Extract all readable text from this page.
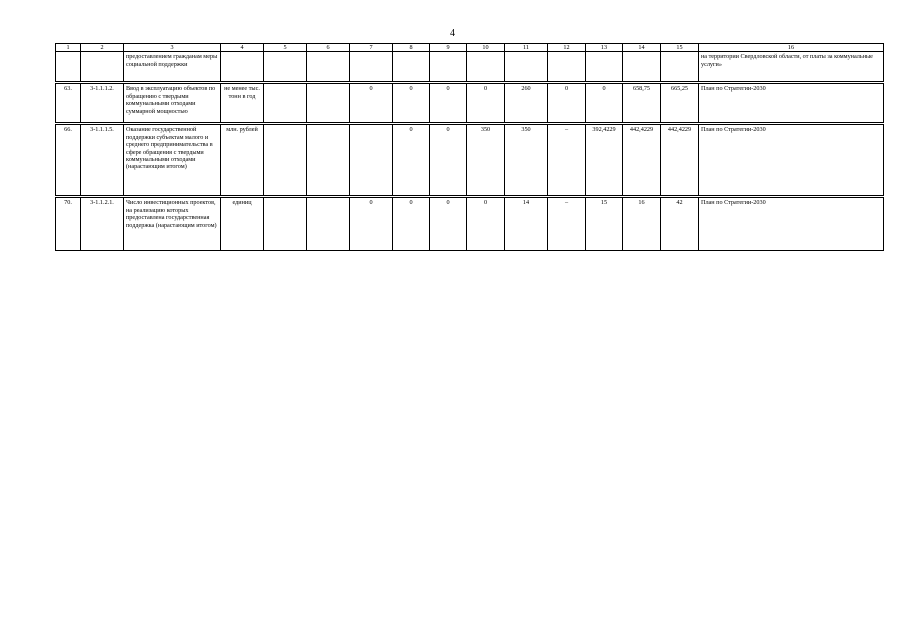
4
1	2	3	4	5	6	7	8	9	10	11	12	13	14	15	16
		предоставлением гражданам меры социальной поддержки													на территории Свердловской области, от платы за коммунальные услуги»

63.	3-1.1.1.2.	Ввод в эксплуатацию объектов по обращению с твердыми коммунальными отходами суммарной мощностью	не менее тыс. тонн в год			0	0	0	0	260	0	0	658,75	665,25	План по Стратегии-2030

66.	3-1.1.1.5.	Оказание государственной поддержки субъектам малого и среднего предпринимательства в сфере обращения с твердыми коммунальными отходами (нарастающим итогом)	млн. рублей				0	0	350	350	–	392,4229	442,4229	442,4229	План по Стратегии-2030

70.	3-1.1.2.1.	Число инвестиционных проектов, на реализацию которых предоставлена государственная поддержка (нарастающим итогом)	единиц			0	0	0	0	14	–	15	16	42	План по Стратегии-2030
